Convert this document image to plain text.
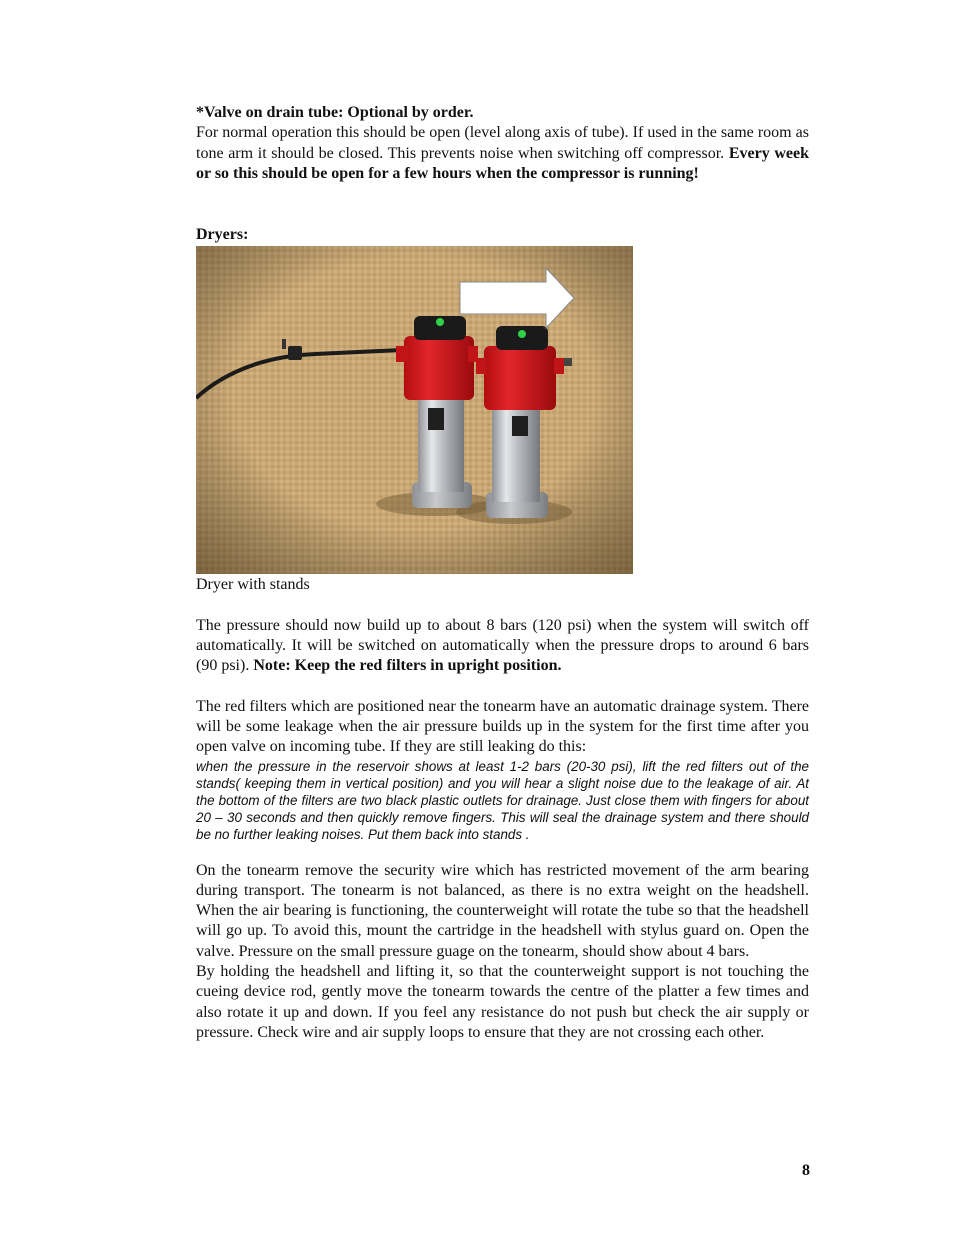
*Valve on drain tube: Optional by order.

For normal operation this should be open (level along axis of tube). If used in the same room as tone arm it should be closed. This prevents noise when switching off compressor. Every week or so this should be open for a few hours when the compressor is running!

Dryers:

Dryer with stands

The pressure should now build up to about 8 bars (120 psi) when the system will switch off automatically. It will be switched on automatically when the pressure drops to around 6 bars (90 psi). Note: Keep the red filters in upright position.

The red filters which are positioned near the tonearm have an automatic drainage system. There will be some leakage when the air pressure builds up in the system for the first time after you open valve on incoming tube. If they are still leaking do this:

when the pressure in the reservoir shows at least 1-2 bars (20-30 psi), lift the red filters out of the stands( keeping them in vertical position) and you will hear a slight noise due to the leakage of air. At the bottom of the filters are two black plastic outlets for drainage. Just close them with fingers for about 20 – 30 seconds and then quickly remove fingers. This will seal the drainage system and there should be no further leaking noises. Put them back into stands .

On the tonearm remove the security wire which has restricted movement of the arm bearing during transport. The tonearm is not balanced, as there is no extra weight on the headshell. When the air bearing is functioning, the counterweight will rotate the tube so that the headshell will go up. To avoid this, mount the cartridge in the headshell with stylus guard on. Open the valve. Pressure on the small pressure guage on the tonearm, should show about 4 bars.

By holding the headshell and lifting it, so that the counterweight support is not touching the cueing device rod, gently move the tonearm towards the centre of the platter a few times and also rotate it up and down. If you feel any resistance do not push but check the air supply or pressure. Check wire and air supply loops to ensure that they are not crossing each other.

8
